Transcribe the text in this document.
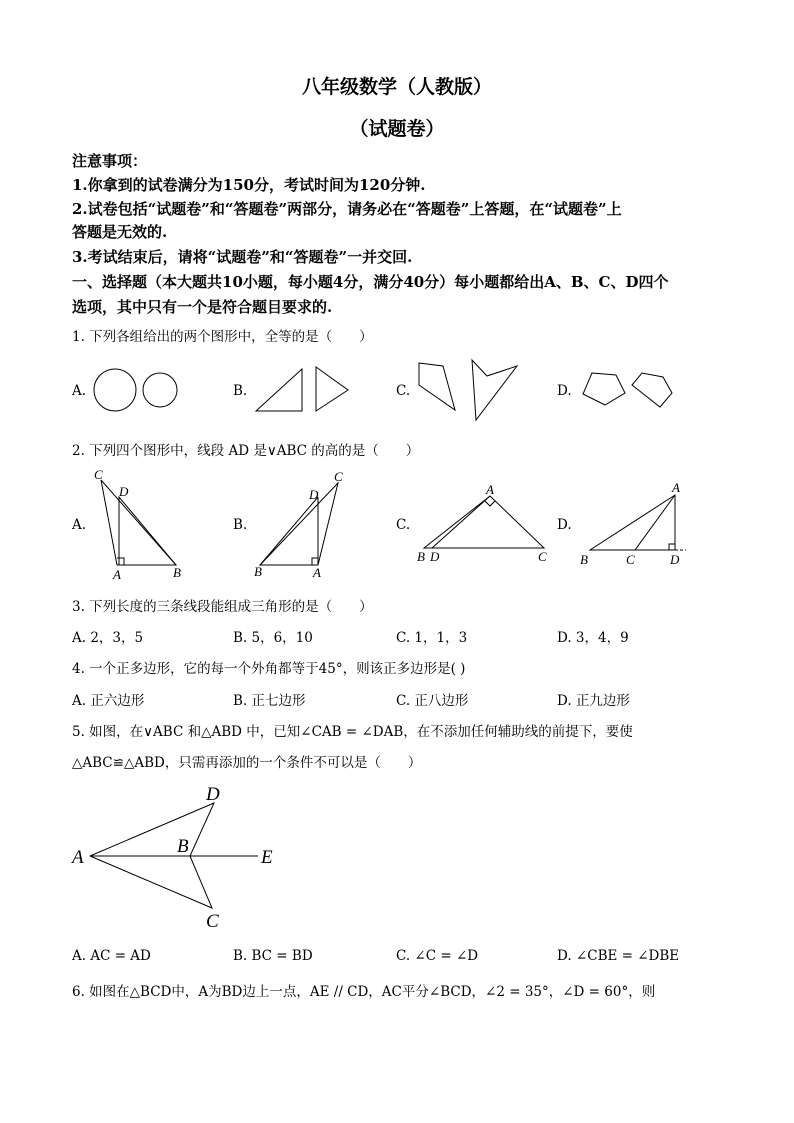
八年级数学（人教版）
（试题卷）
注意事项：
1.你拿到的试卷满分为150分，考试时间为120分钟.
2.试卷包括“试题卷”和“答题卷”两部分，请务必在“答题卷”上答题，在“试题卷”上
答题是无效的.
3.考试结束后，请将“试题卷”和“答题卷”一并交回.
一、选择题（本大题共10小题，每小题4分，满分40分）每小题都给出A、B、C、D四个
选项，其中只有一个是符合题目要求的.
1. 下列各组给出的两个图形中，全等的是（　　）
A.	B.	C.	D.
C
D
A	B
C
D
B	A
A
B D	C
A
B	C	D
A
B
C
D
E
2. 下列四个图形中，线段 AD 是∨ABC 的高的是（　　）
A.	B.	C.	D.
3. 下列长度的三条线段能组成三角形的是（　　）
A. 2，3，5	B. 5，6，10	C. 1，1，3	D. 3，4，9
4. 一个正多边形，它的每一个外角都等于45°，则该正多边形是( )
A. 正六边形	B. 正七边形	C. 正八边形	D. 正九边形
5. 如图，在∨ABC 和△ABD 中，已知∠CAB = ∠DAB，在不添加任何辅助线的前提下，要使
△ABC≌△ABD，只需再添加的一个条件不可以是（　　）
A. AC = AD	B. BC = BD	C. ∠C = ∠D	D. ∠CBE = ∠DBE
6. 如图在△BCD中，A为BD边上一点，AE // CD，AC平分∠BCD，∠2 = 35°，∠D = 60°，则
